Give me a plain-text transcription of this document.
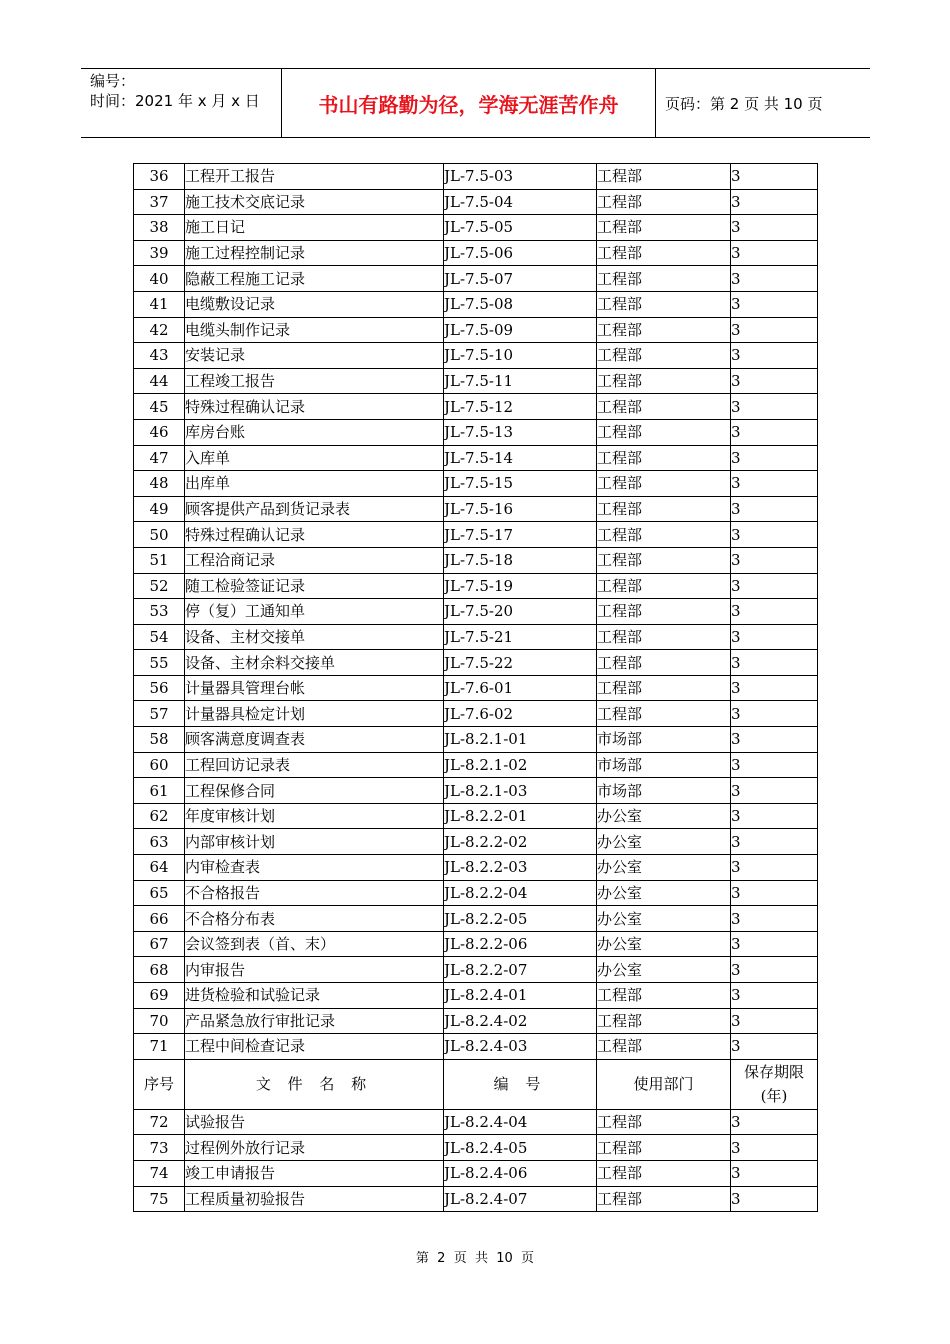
编号：
时间：2021 年 x 月 x 日	书山有路勤为径，学海无涯苦作舟	页码：第 2 页 共 10 页
36	工程开工报告	JL-7.5-03	工程部	3
37	施工技术交底记录	JL-7.5-04	工程部	3
38	施工日记	JL-7.5-05	工程部	3
39	施工过程控制记录	JL-7.5-06	工程部	3
40	隐蔽工程施工记录	JL-7.5-07	工程部	3
41	电缆敷设记录	JL-7.5-08	工程部	3
42	电缆头制作记录	JL-7.5-09	工程部	3
43	安装记录	JL-7.5-10	工程部	3
44	工程竣工报告	JL-7.5-11	工程部	3
45	特殊过程确认记录	JL-7.5-12	工程部	3
46	库房台账	JL-7.5-13	工程部	3
47	入库单	JL-7.5-14	工程部	3
48	出库单	JL-7.5-15	工程部	3
49	顾客提供产品到货记录表	JL-7.5-16	工程部	3
50	特殊过程确认记录	JL-7.5-17	工程部	3
51	工程洽商记录	JL-7.5-18	工程部	3
52	随工检验签证记录	JL-7.5-19	工程部	3
53	停（复）工通知单	JL-7.5-20	工程部	3
54	设备、主材交接单	JL-7.5-21	工程部	3
55	设备、主材余料交接单	JL-7.5-22	工程部	3
56	计量器具管理台帐	JL-7.6-01	工程部	3
57	计量器具检定计划	JL-7.6-02	工程部	3
58	顾客满意度调查表	JL-8.2.1-01	市场部	3
60	工程回访记录表	JL-8.2.1-02	市场部	3
61	工程保修合同	JL-8.2.1-03	市场部	3
62	年度审核计划	JL-8.2.2-01	办公室	3
63	内部审核计划	JL-8.2.2-02	办公室	3
64	内审检查表	JL-8.2.2-03	办公室	3
65	不合格报告	JL-8.2.2-04	办公室	3
66	不合格分布表	JL-8.2.2-05	办公室	3
67	会议签到表（首、末）	JL-8.2.2-06	办公室	3
68	内审报告	JL-8.2.2-07	办公室	3
69	进货检验和试验记录	JL-8.2.4-01	工程部	3
70	产品紧急放行审批记录	JL-8.2.4-02	工程部	3
71	工程中间检查记录	JL-8.2.4-03	工程部	3
序号	文 件 名 称	编 号	使用部门	保存期限(年)
72	试验报告	JL-8.2.4-04	工程部	3
73	过程例外放行记录	JL-8.2.4-05	工程部	3
74	竣工申请报告	JL-8.2.4-06	工程部	3
75	工程质量初验报告	JL-8.2.4-07	工程部	3
第  2  页  共  10  页
